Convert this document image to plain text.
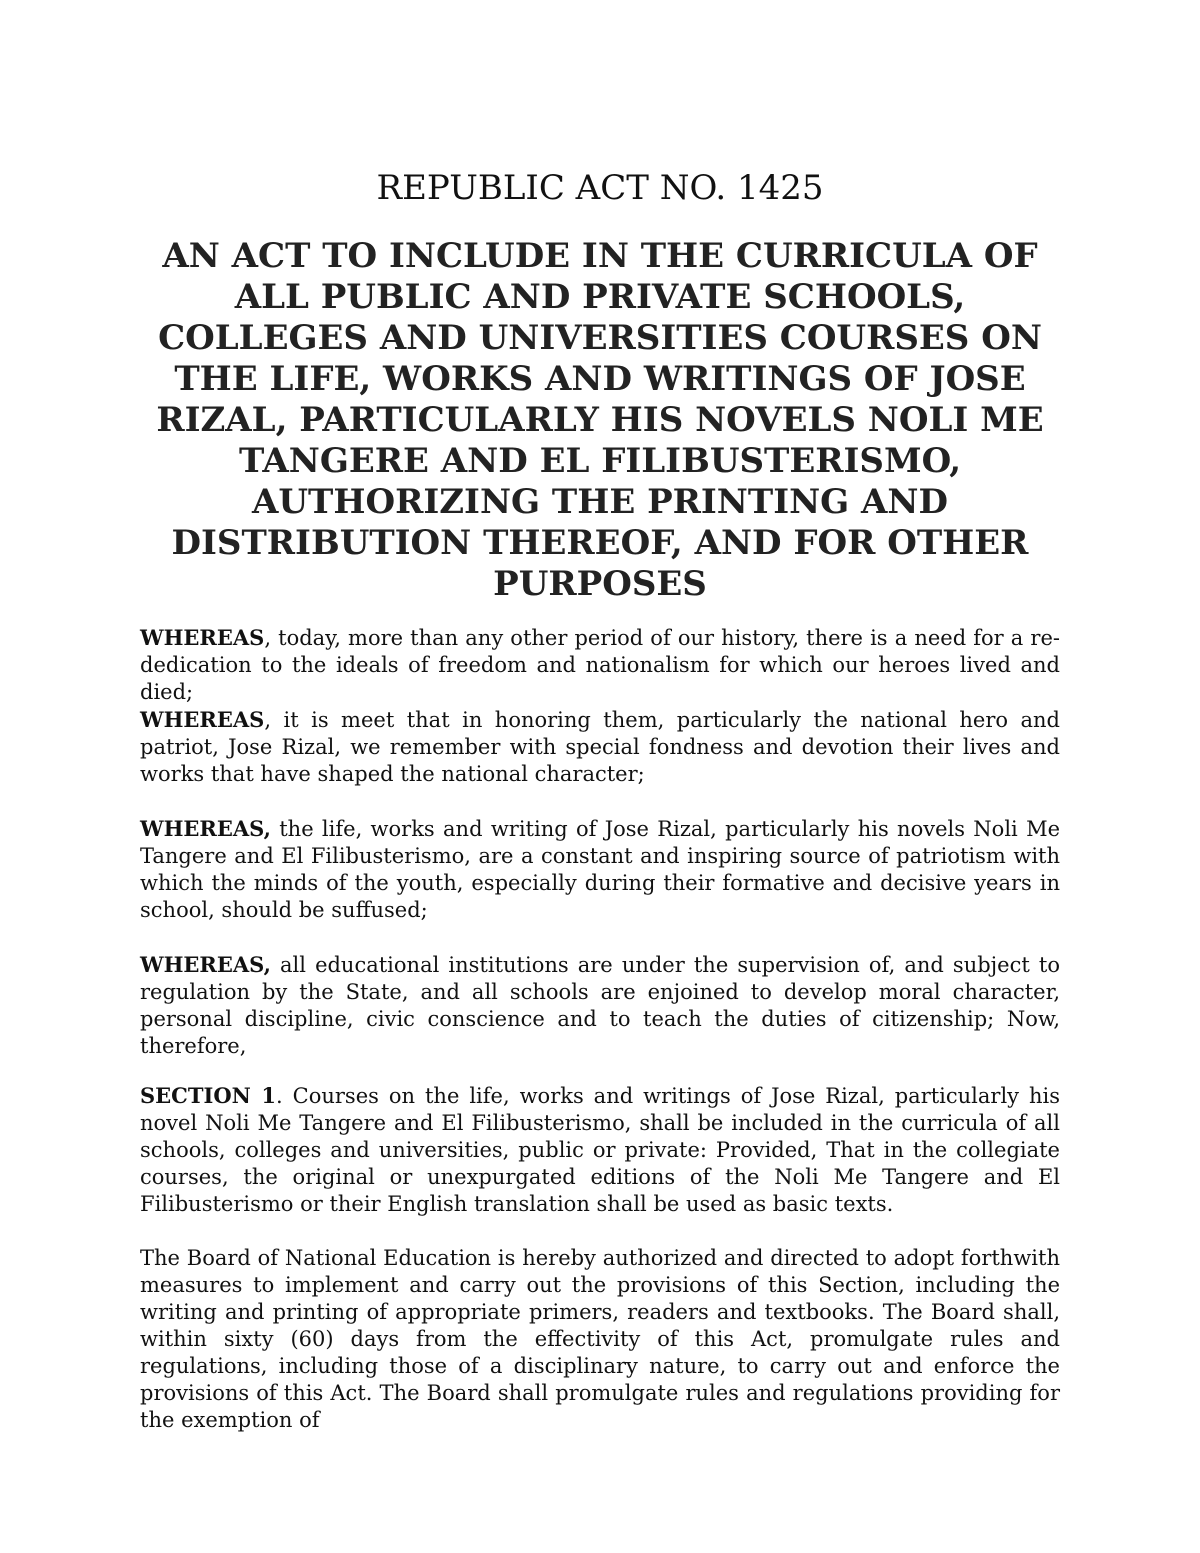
REPUBLIC ACT NO. 1425
AN ACT TO INCLUDE IN THE CURRICULA OF
ALL PUBLIC AND PRIVATE SCHOOLS,
COLLEGES AND UNIVERSITIES COURSES ON
THE LIFE, WORKS AND WRITINGS OF JOSE
RIZAL, PARTICULARLY HIS NOVELS NOLI ME
TANGERE AND EL FILIBUSTERISMO,
AUTHORIZING THE PRINTING AND
DISTRIBUTION THEREOF, AND FOR OTHER
PURPOSES

WHEREAS, today, more than any other period of our history, there is a need for a re-dedication to the ideals of freedom and nationalism for which our heroes lived and died;

WHEREAS, it is meet that in honoring them, particularly the national hero and patriot, Jose Rizal, we remember with special fondness and devotion their lives and works that have shaped the national character;

WHEREAS, the life, works and writing of Jose Rizal, particularly his novels Noli Me Tangere and El Filibusterismo, are a constant and inspiring source of patriotism with which the minds of the youth, especially during their formative and decisive years in school, should be suffused;

WHEREAS, all educational institutions are under the supervision of, and subject to regulation by the State, and all schools are enjoined to develop moral character, personal discipline, civic conscience and to teach the duties of citizenship; Now, therefore,

SECTION 1. Courses on the life, works and writings of Jose Rizal, particularly his novel Noli Me Tangere and El Filibusterismo, shall be included in the curricula of all schools, colleges and universities, public or private: Provided, That in the collegiate courses, the original or unexpurgated editions of the Noli Me Tangere and El Filibusterismo or their English translation shall be used as basic texts.

The Board of National Education is hereby authorized and directed to adopt forthwith measures to implement and carry out the provisions of this Section, including the writing and printing of appropriate primers, readers and textbooks. The Board shall, within sixty (60) days from the effectivity of this Act, promulgate rules and regulations, including those of a disciplinary nature, to carry out and enforce the provisions of this Act. The Board shall promulgate rules and regulations providing for the exemption of
